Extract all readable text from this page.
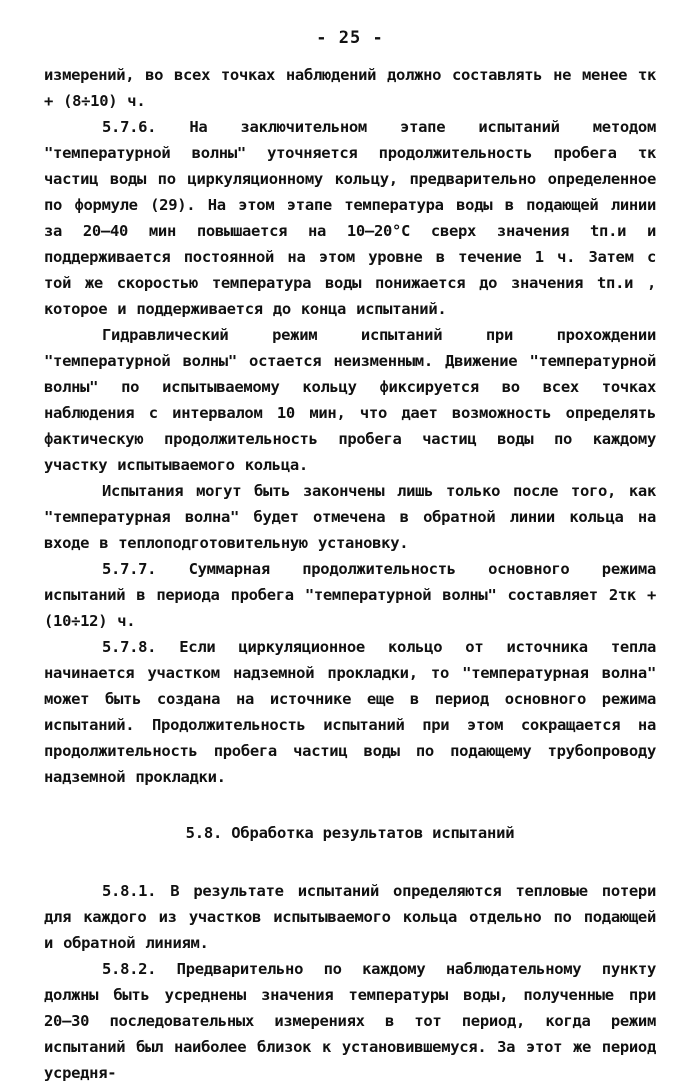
- 25 -

измерений, во всех точках наблюдений должно составлять не менее τк + (8÷10) ч.

5.7.6. На заключительном этапе испытаний методом "температурной волны" уточняется продолжительность пробега τк частиц воды по циркуляционному кольцу, предварительно определенное по формуле (29). На этом этапе температура воды в подающей линии за 20–40 мин повышается на 10–20°С сверх значения tп.и и поддерживается постоянной на этом уровне в течение 1 ч. Затем с той же скоростью температура воды понижается до значения tп.и , которое и поддерживается до конца испытаний.

Гидравлический режим испытаний при прохождении "температурной волны" остается неизменным. Движение "температурной волны" по испытываемому кольцу фиксируется во всех точках наблюдения с интервалом 10 мин, что дает возможность определять фактическую продолжительность пробега частиц воды по каждому участку испытываемого кольца.

Испытания могут быть закончены лишь только после того, как "температурная волна" будет отмечена в обратной линии кольца на входе в теплоподготовительную установку.

5.7.7. Суммарная продолжительность основного режима испытаний в периода пробега "температурной волны" составляет 2τк + (10÷12) ч.

5.7.8. Если циркуляционное кольцо от источника тепла начинается участком надземной прокладки, то "температурная волна" может быть создана на источнике еще в период основного режима испытаний. Продолжительность испытаний при этом сокращается на продолжительность пробега частиц воды по подающему трубопроводу надземной прокладки.

5.8. Обработка результатов испытаний

5.8.1. В результате испытаний определяются тепловые потери для каждого из участков испытываемого кольца отдельно по подающей и обратной линиям.

5.8.2. Предварительно по каждому наблюдательному пункту должны быть усреднены значения температуры воды, полученные при 20–30 последовательных измерениях в тот период, когда режим испытаний был наиболее близок к установившемуся. За этот же период усредня-
